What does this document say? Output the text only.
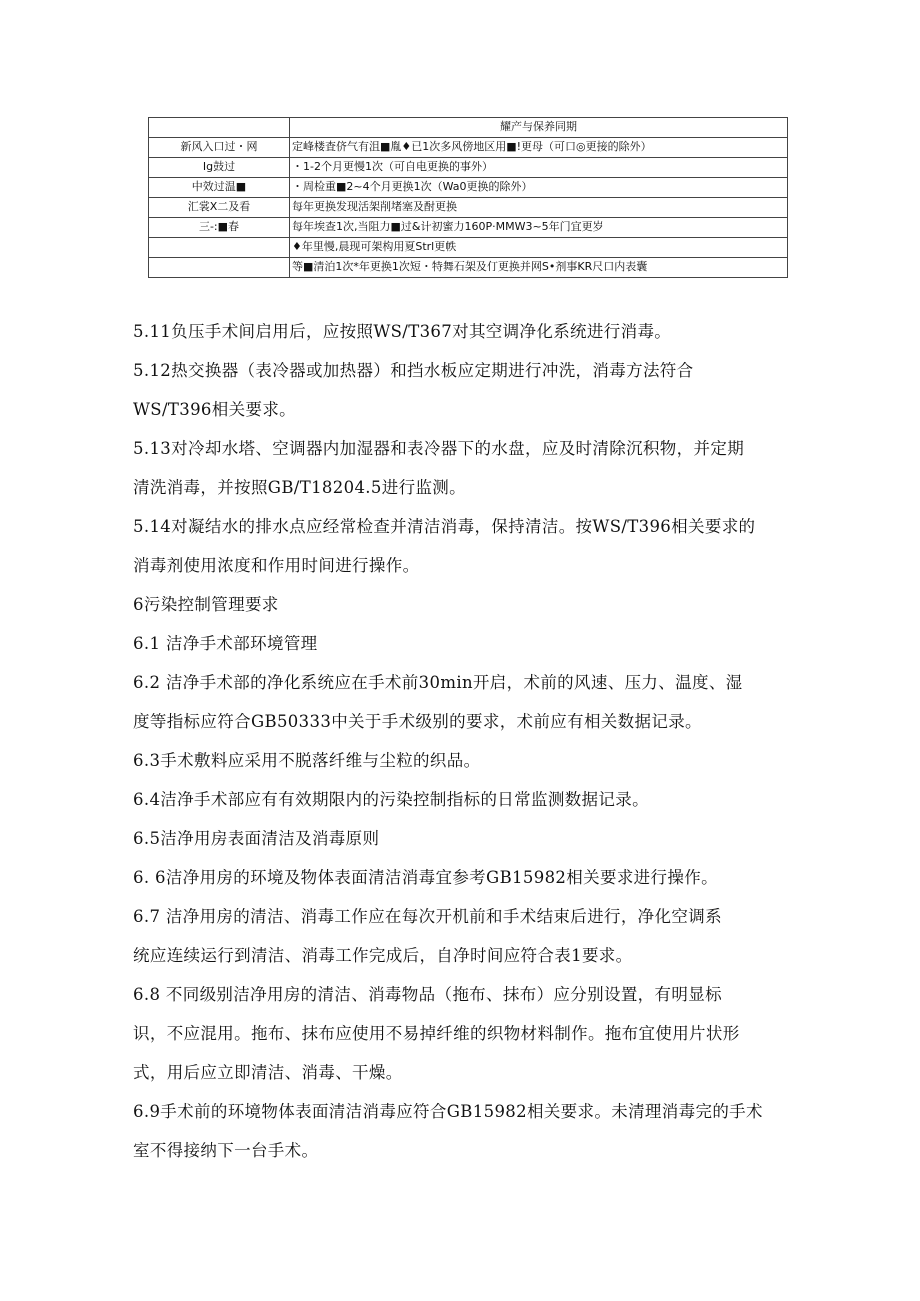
	耀产与保养同期
新风入口过・网	定峰楼査侪气有沮■胤♦已1次多风傍地区用■!更母（可口◎更接的除外）
Ig鼓过	・1-2个月更慢1次（可自电更换的事外）
中效过温■	・周检重■2~4个月更换1次（Wa0更换的除外）
汇裳X二及看	每年更换发现活架削堵塞及酎更换
三-:■春	每年埃查1次,当阻力■过&计初蜜力160P·MMW3~5年门宜更岁
	♦年里慢,晨现可架构用夏Strl更帙
	等■清泊1次*年更换1次短・特舞石架及仃更换并网S•剂事KR尺口内表囊

5.11负压手术间启用后，应按照WS/T367对其空调净化系统进行消毒。

5.12热交换器（表冷器或加热器）和挡水板应定期进行冲洗，消毒方法符合

WS/T396相关要求。

5.13对冷却水塔、空调器内加湿器和表冷器下的水盘，应及时清除沉积物，并定期

清洗消毒，并按照GB/T18204.5进行监测。

5.14对凝结水的排水点应经常检查并清洁消毒，保持清洁。按WS/T396相关要求的

消毒剂使用浓度和作用时间进行操作。

6污染控制管理要求

6.1 洁净手术部环境管理

6.2 洁净手术部的净化系统应在手术前30min开启，术前的风速、压力、温度、湿

度等指标应符合GB50333中关于手术级别的要求，术前应有相关数据记录。

6.3手术敷料应采用不脱落纤维与尘粒的织品。

6.4洁净手术部应有有效期限内的污染控制指标的日常监测数据记录。

6.5洁净用房表面清洁及消毒原则

6. 6洁净用房的环境及物体表面清洁消毒宜参考GB15982相关要求进行操作。

6.7 洁净用房的清洁、消毒工作应在每次开机前和手术结束后进行，净化空调系

统应连续运行到清洁、消毒工作完成后，自净时间应符合表1要求。

6.8 不同级别洁净用房的清洁、消毒物品（拖布、抹布）应分别设置，有明显标

识，不应混用。拖布、抹布应使用不易掉纤维的织物材料制作。拖布宜使用片状形

式，用后应立即清洁、消毒、干燥。

6.9手术前的环境物体表面清洁消毒应符合GB15982相关要求。未清理消毒完的手术

室不得接纳下一台手术。
